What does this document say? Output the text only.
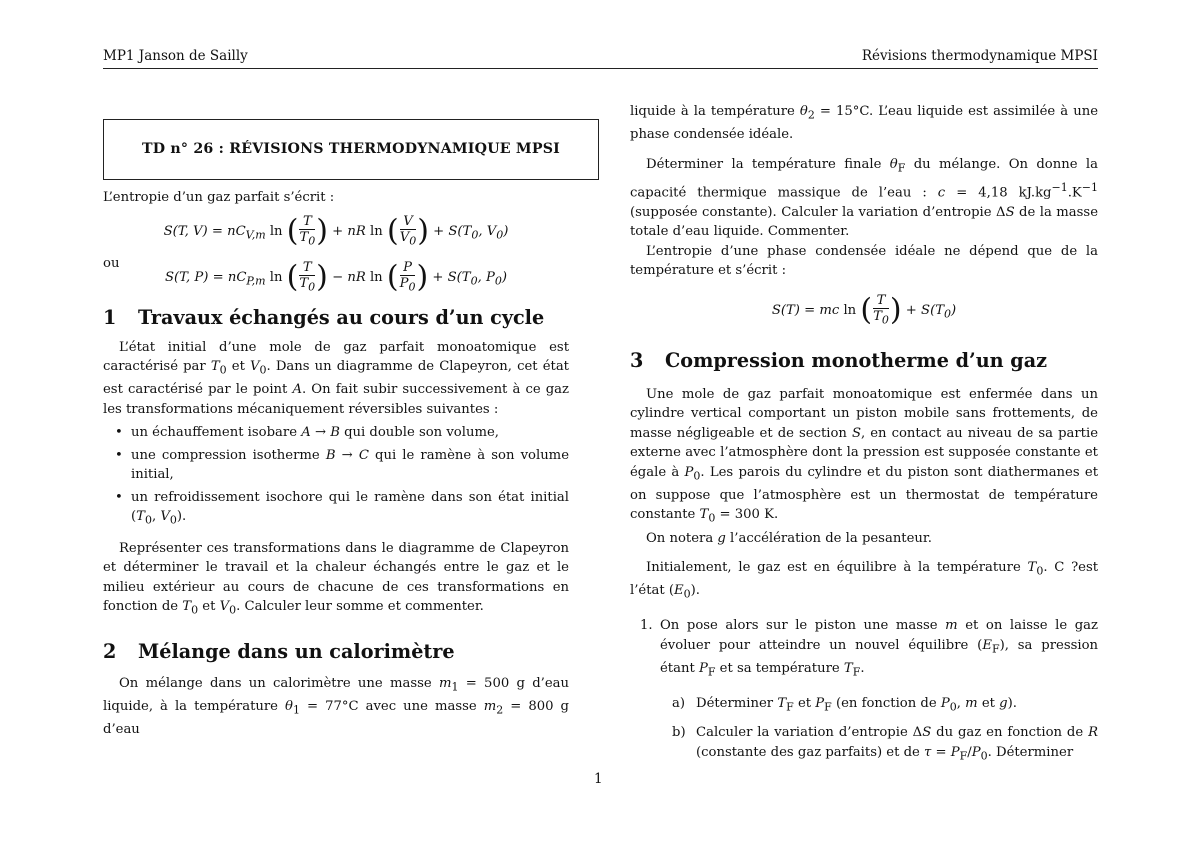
MP1 Janson de Sailly	Révisions thermodynamique MPSI
TD n° 26 : RÉVISIONS THERMODYNAMIQUE MPSI

L’entropie d’un gaz parfait s’écrit :

S(T, $V) = nC_{V,m}$ ln ( $\frac{T}{T_0}$ ) + nR ln ( $\frac{V}{V_0}$ ) + $S(T_0$, $V_0$)

ou

S(T, $P) = nC_{P,m}$ ln ( $\frac{T}{T_0}$ ) − nR ln ( $\frac{P}{P_0}$ ) + $S(T_0$, $P_0$)
1 Travaux échangés au cours d’un cycle

L’état initial d’une mole de gaz parfait monoatomique est caractérisé par $T_0$ et $V_0$. Dans un diagramme de Clapeyron, cet état est caractérisé par le point A. On fait subir successivement à ce gaz les transformations mécaniquement réversibles suivantes :

• un échauffement isobare A → B qui double son volume,
• une compression isotherme B → C qui le ramène à son volume initial,
• un refroidissement isochore qui le ramène dans son état initial ($T_0$, $V_0$).

Représenter ces transformations dans le diagramme de Clapeyron et déterminer le travail et la chaleur échangés entre le gaz et le milieu extérieur au cours de chacune de ces transformations en fonction de $T_0$ et $V_0$. Calculer leur somme et commenter.

2 Mélange dans un calorimètre

On mélange dans un calorimètre une masse $m_1 = 500$ g d’eau liquide, à la température $\theta_1 = 77^\circ C$ avec une masse $m_2 = 800$ g d’eau

liquide à la température $\theta_2 = 15^\circ C$. L’eau liquide est assimilée à une phase condensée idéale.

Déterminer la température finale $\theta_F$ du mélange. On donne la capacité thermique massique de l’eau : c = 4,18 $kJ.kg^{-1}.K^{-1}$ (supposée constante). Calculer la variation d’entropie ΔS de la masse totale d’eau liquide. Commenter.

L’entropie d’une phase condensée idéale ne dépend que de la température et s’écrit :

S(T) = mc ln ( $\frac{T}{T_0}$ ) + $S(T_0)$
3 Compression monotherme d’un gaz

Une mole de gaz parfait monoatomique est enfermée dans un cylindre vertical comportant un piston mobile sans frottements, de masse négligeable et de section S, en contact au niveau de sa partie externe avec l’atmosphère dont la pression est supposée constante et égale à $P_0$. Les parois du cylindre et du piston sont diathermanes et on suppose que l’atmosphère est un thermostat de température constante $T_0 = 300$ K.

On notera g l’accélération de la pesanteur.

Initialement, le gaz est en équilibre à la température $T_0$. C ?est l’état $(E_0)$.

1. On pose alors sur le piston une masse m et on laisse le gaz évoluer pour atteindre un nouvel équilibre $(E_F)$, sa pression étant $P_F$ et sa température $T_F$.
a) Déterminer $T_F$ et $P_F$ (en fonction de $P_0$, m et g).
b) Calculer la variation d’entropie ΔS du gaz en fonction de R (constante des gaz parfaits) et de $\tau = P_F/P_0$. Déterminer
1
